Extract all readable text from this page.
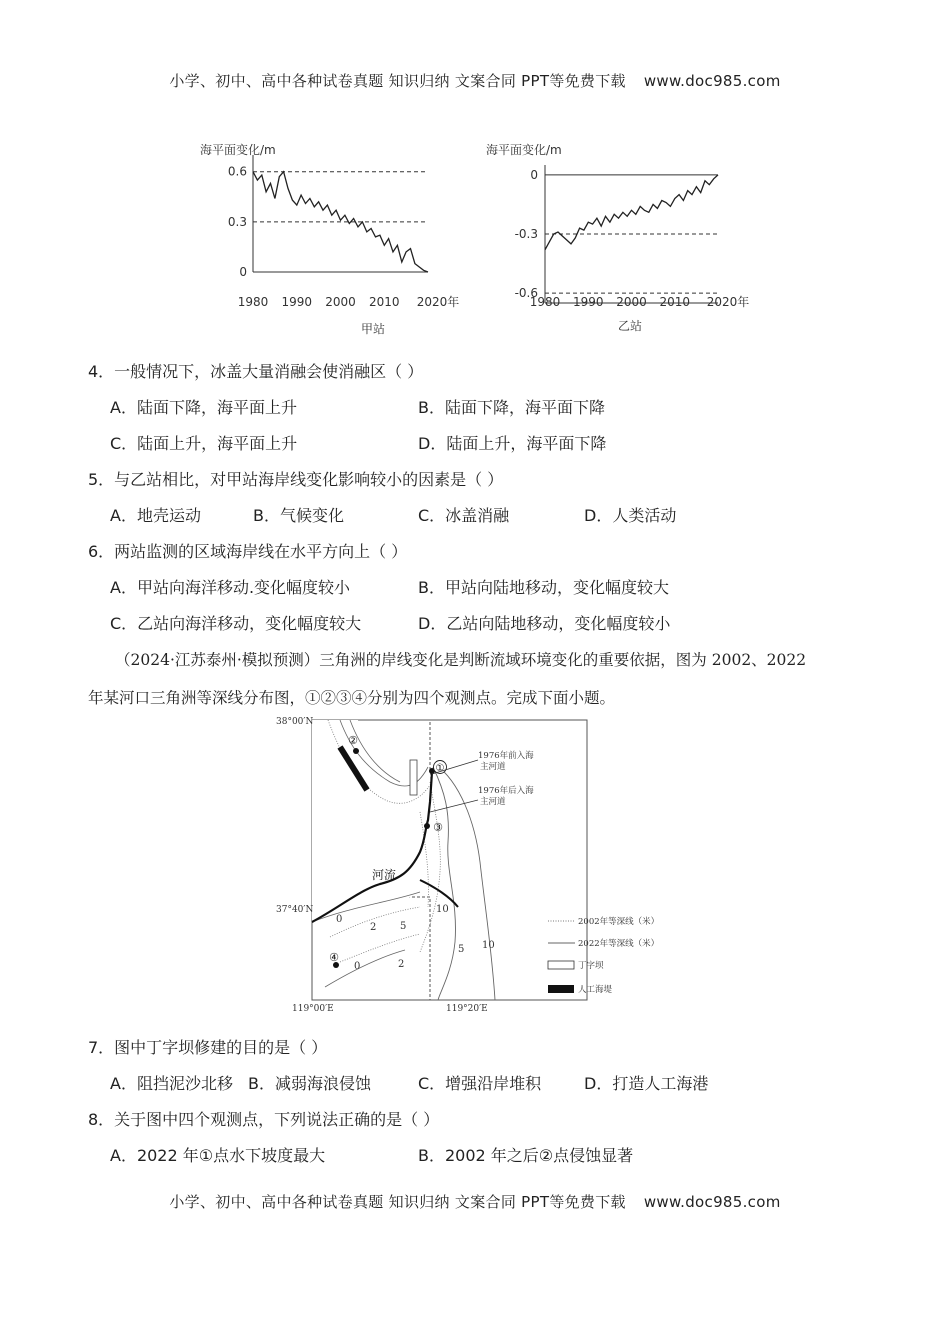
小学、初中、高中各种试卷真题 知识归纳 文案合同 PPT等免费下载 www.doc985.com
海平面变化/m
甲站
0
0.3
0.6
1980 1990 2000 2010 2020年
海平面变化/m
乙站
0
-0.3
-0.6
1980 1990 2000 2010 2020年
4．一般情况下，冰盖大量消融会使消融区（ ）
A．陆面下降，海平面上升	B．陆面下降，海平面下降
C．陆面上升，海平面上升	D．陆面上升，海平面下降
5．与乙站相比，对甲站海岸线变化影响较小的因素是（ ）
A．地壳运动	B．气候变化	C．冰盖消融	D．人类活动
6．两站监测的区域海岸线在水平方向上（ ）
A．甲站向海洋移动.变化幅度较小	B．甲站向陆地移动，变化幅度较大
C．乙站向海洋移动，变化幅度较大	D．乙站向陆地移动，变化幅度较小
（2024·江苏泰州·模拟预测）三角洲的岸线变化是判断流域环境变化的重要依据，图为 2002、2022
年某河口三角洲等深线分布图，①②③④分别为四个观测点。完成下面小题。
①
②
③
④
1976年前入海
主河道
1976年后入海
主河道
河流
0
2 5
10
5 10
0	2
38°00′N
37°40′N
119°00′E	119°20′E
2002年等深线（米）
2022年等深线（米）
丁字坝
人工海堤
7．图中丁字坝修建的目的是（ ）
A．阻挡泥沙北移 B．减弱海浪侵蚀	C．增强沿岸堆积	D．打造人工海港
8．关于图中四个观测点，下列说法正确的是（ ）
A．2022 年①点水下坡度最大	B．2002 年之后②点侵蚀显著
小学、初中、高中各种试卷真题 知识归纳 文案合同 PPT等免费下载 www.doc985.com
